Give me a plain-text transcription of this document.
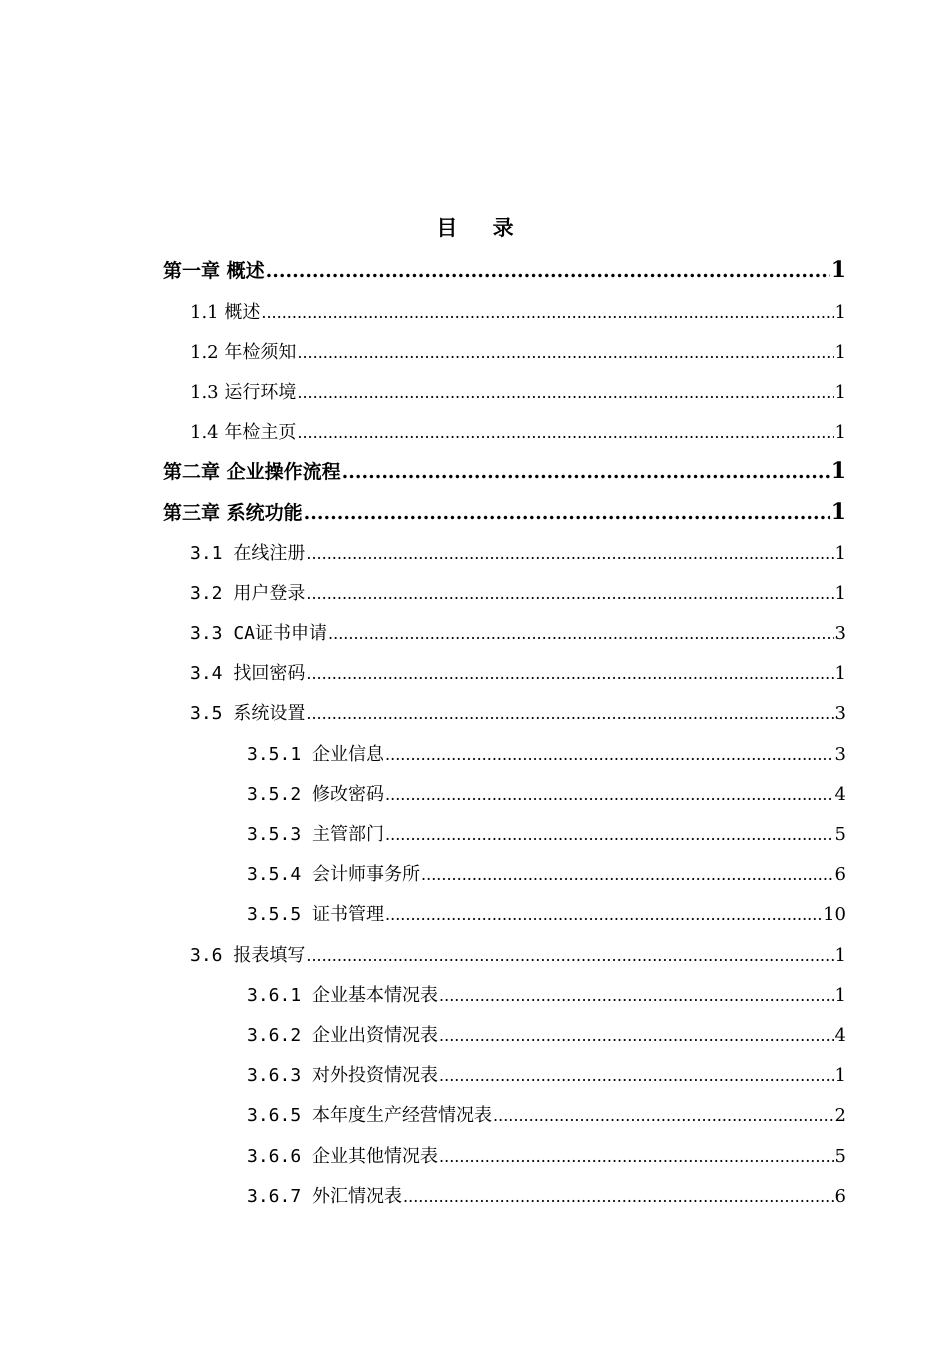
目 录
第一章 概述 .....	1
1.1 概述 .....	1
1.2 年检须知 .....	1
1.3 运行环境 .....	1
1.4 年检主页 .....	1
第二章 企业操作流程 .....	1
第三章 系统功能 .....	1
3.1 在线注册 .....	1
3.2 用户登录 .....	1
3.3 CA证书申请 .....	3
3.4 找回密码 .....	1
3.5 系统设置 .....	3
3.5.1 企业信息 .....	3
3.5.2 修改密码 .....	4
3.5.3 主管部门 .....	5
3.5.4 会计师事务所 .....	6
3.5.5 证书管理 .....	10
3.6 报表填写 .....	1
3.6.1 企业基本情况表 .....	1
3.6.2 企业出资情况表 .....	4
3.6.3 对外投资情况表 .....	1
3.6.5 本年度生产经营情况表 .....	2
3.6.6 企业其他情况表 .....	5
3.6.7 外汇情况表 .....	6
